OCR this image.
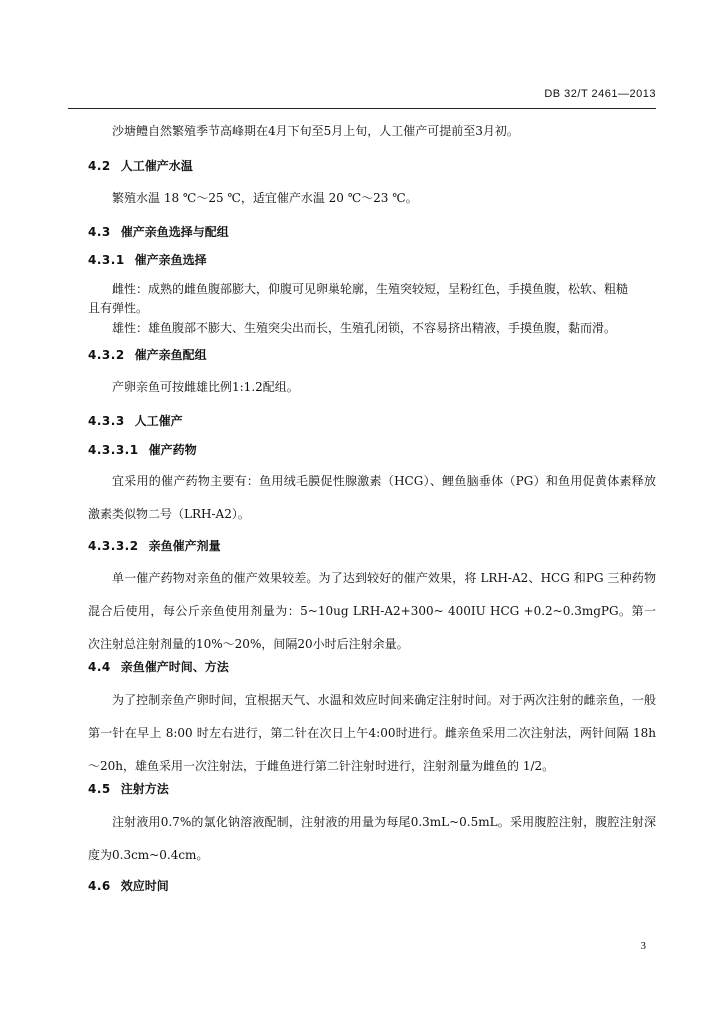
DB 32/T 2461—2013
沙塘鳢自然繁殖季节高峰期在4月下旬至5月上旬，人工催产可提前至3月初。
4.2 人工催产水温
繁殖水温 18 ℃～25 ℃，适宜催产水温 20 ℃～23 ℃。
4.3 催产亲鱼选择与配组
4.3.1 催产亲鱼选择
雌性：成熟的雌鱼腹部膨大，仰腹可见卵巢轮廓，生殖突较短，呈粉红色，手摸鱼腹，松软、粗糙
且有弹性。
雄性：雄鱼腹部不膨大、生殖突尖出而长，生殖孔闭锁，不容易挤出精液，手摸鱼腹，黏而滑。
4.3.2 催产亲鱼配组
产卵亲鱼可按雌雄比例1:1.2配组。
4.3.3 人工催产
4.3.3.1 催产药物
宜采用的催产药物主要有：鱼用绒毛膜促性腺激素（HCG）、鲤鱼脑垂体（PG）和鱼用促黄体素释放激素类似物二号（LRH-A2）。
4.3.3.2 亲鱼催产剂量
单一催产药物对亲鱼的催产效果较差。为了达到较好的催产效果，将 LRH-A2、HCG 和PG 三种药物混合后使用，每公斤亲鱼使用剂量为：5~10ug LRH-A2+300~ 400IU HCG +0.2~0.3mgPG。第一次注射总注射剂量的10%～20%，间隔20小时后注射余量。
4.4 亲鱼催产时间、方法
为了控制亲鱼产卵时间，宜根据天气、水温和效应时间来确定注射时间。对于两次注射的雌亲鱼，一般第一针在早上 8:00 时左右进行，第二针在次日上午4:00时进行。雌亲鱼采用二次注射法，两针间隔 18h～20h，雄鱼采用一次注射法，于雌鱼进行第二针注射时进行，注射剂量为雌鱼的 1/2。
4.5 注射方法
注射液用0.7%的氯化钠溶液配制，注射液的用量为每尾0.3mL~0.5mL。采用腹腔注射，腹腔注射深度为0.3cm~0.4cm。
4.6 效应时间
3
